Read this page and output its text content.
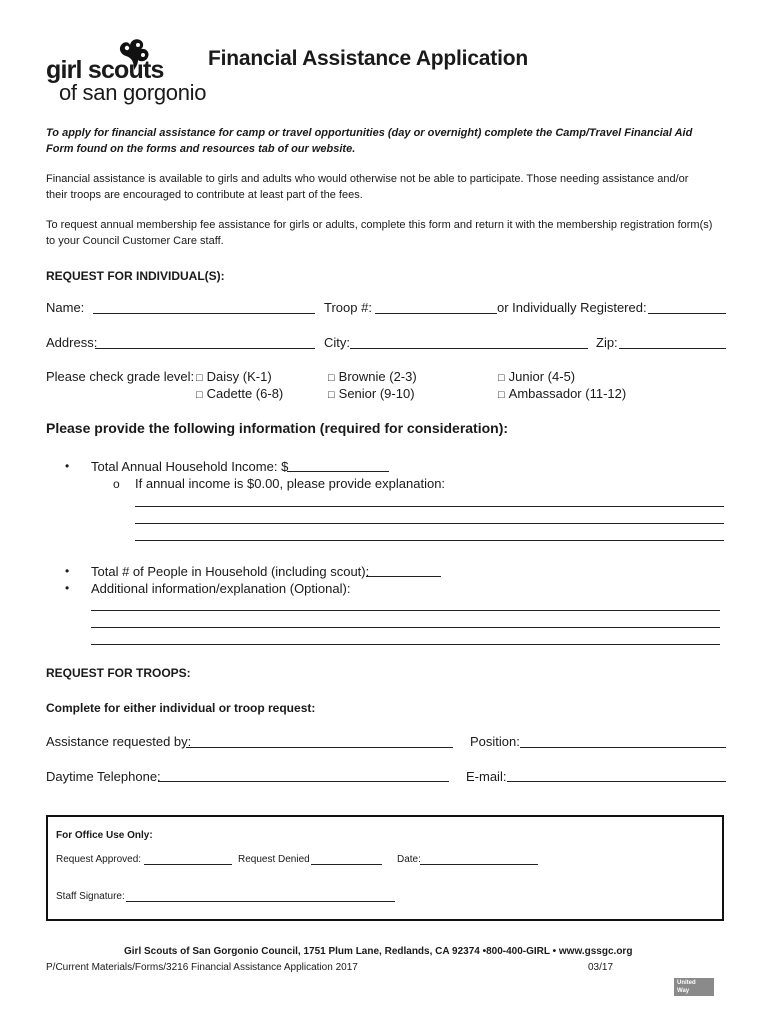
girl scouts
of san gorgonio
Financial Assistance Application
To apply for financial assistance for camp or travel opportunities (day or overnight) complete the Camp/Travel Financial Aid
Form found on the forms and resources tab of our website.
Financial assistance is available to girls and adults who would otherwise not be able to participate. Those needing assistance and/or
their troops are encouraged to contribute at least part of the fees.
To request annual membership fee assistance for girls or adults, complete this form and return it with the membership registration form(s)
to your Council Customer Care staff.
REQUEST FOR INDIVIDUAL(S):
Name:	Troop #:	or Individually Registered:
Address:	City:	Zip:
Please check grade level: □ Daisy (K-1)	□ Brownie (2-3)	□ Junior (4-5)
□ Cadette (6-8)	□ Senior (9-10)	□ Ambassador (11-12)
Please provide the following information (required for consideration):
• Total Annual Household Income: $
o If annual income is $0.00, please provide explanation:
• Total # of People in Household (including scout):
• Additional information/explanation (Optional):
REQUEST FOR TROOPS:
Complete for either individual or troop request:
Assistance requested by:	Position:
Daytime Telephone:	E-mail:
For Office Use Only:
Request Approved:	Request Denied	Date:
Staff Signature:
Girl Scouts of San Gorgonio Council, 1751 Plum Lane, Redlands, CA 92374 •800-400-GIRL • www.gssgc.org
P/Current Materials/Forms/3216 Financial Assistance Application 2017	03/17
United
Way
